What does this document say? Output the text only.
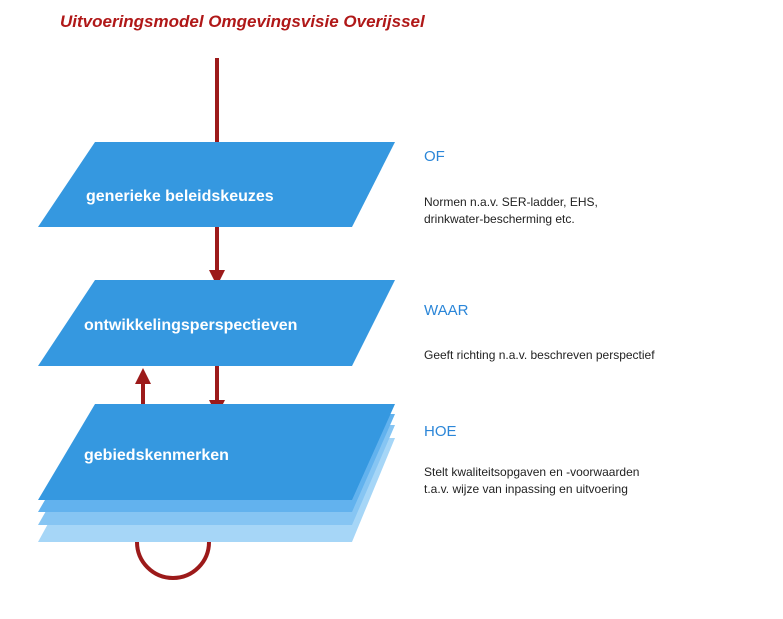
Uitvoeringsmodel Omgevingsvisie Overijssel
generieke beleidskeuzes
ontwikkelingsperspectieven
gebiedskenmerken
OF
Normen n.a.v. SER-ladder, EHS,
drinkwater-bescherming etc.
WAAR
Geeft richting n.a.v. beschreven perspectief
HOE
Stelt kwaliteitsopgaven en -voorwaarden
t.a.v. wijze van inpassing en uitvoering
